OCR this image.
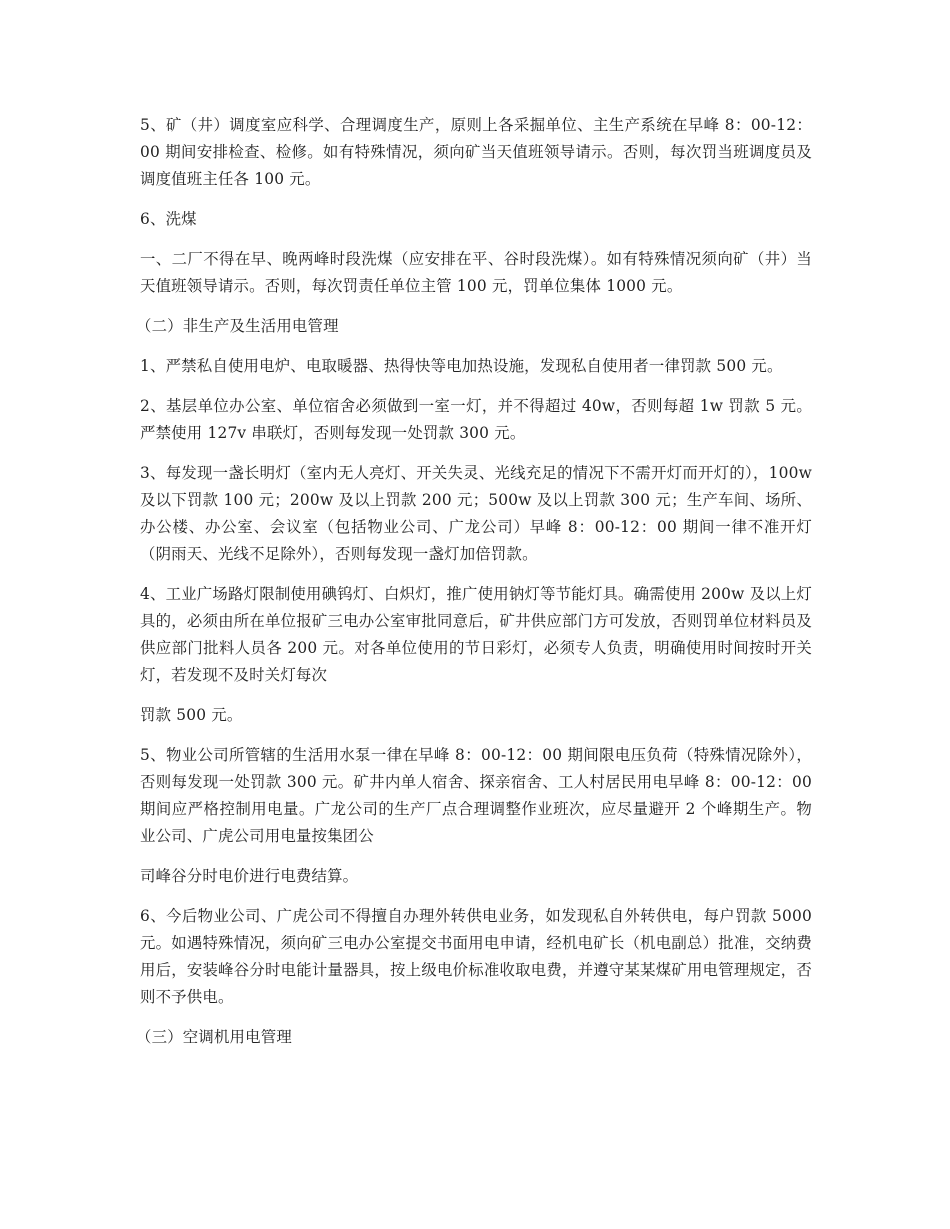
5、矿（井）调度室应科学、合理调度生产，原则上各采掘单位、主生产系统在早峰 8：00-12：00 期间安排检查、检修。如有特殊情况，须向矿当天值班领导请示。否则，每次罚当班调度员及调度值班主任各 100 元。

6、洗煤

一、二厂不得在早、晚两峰时段洗煤（应安排在平、谷时段洗煤）。如有特殊情况须向矿（井）当天值班领导请示。否则，每次罚责任单位主管 100 元，罚单位集体 1000 元。

（二）非生产及生活用电管理

1、严禁私自使用电炉、电取暖器、热得快等电加热设施，发现私自使用者一律罚款 500 元。

2、基层单位办公室、单位宿舍必须做到一室一灯，并不得超过 40w，否则每超 1w 罚款 5 元。严禁使用 127v 串联灯，否则每发现一处罚款 300 元。

3、每发现一盏长明灯（室内无人亮灯、开关失灵、光线充足的情况下不需开灯而开灯的），100w 及以下罚款 100 元；200w 及以上罚款 200 元；500w 及以上罚款 300 元；生产车间、场所、办公楼、办公室、会议室（包括物业公司、广龙公司）早峰 8：00-12：00 期间一律不准开灯（阴雨天、光线不足除外），否则每发现一盏灯加倍罚款。

4、工业广场路灯限制使用碘钨灯、白炽灯，推广使用钠灯等节能灯具。确需使用 200w 及以上灯具的，必须由所在单位报矿三电办公室审批同意后，矿井供应部门方可发放，否则罚单位材料员及供应部门批料人员各 200 元。对各单位使用的节日彩灯，必须专人负责，明确使用时间按时开关灯，若发现不及时关灯每次

罚款 500 元。

5、物业公司所管辖的生活用水泵一律在早峰 8：00-12：00 期间限电压负荷（特殊情况除外），否则每发现一处罚款 300 元。矿井内单人宿舍、探亲宿舍、工人村居民用电早峰 8：00-12：00 期间应严格控制用电量。广龙公司的生产厂点合理调整作业班次，应尽量避开 2 个峰期生产。物业公司、广虎公司用电量按集团公

司峰谷分时电价进行电费结算。

6、今后物业公司、广虎公司不得擅自办理外转供电业务，如发现私自外转供电，每户罚款 5000 元。如遇特殊情况，须向矿三电办公室提交书面用电申请，经机电矿长（机电副总）批准，交纳费用后，安装峰谷分时电能计量器具，按上级电价标准收取电费，并遵守某某煤矿用电管理规定，否则不予供电。

（三）空调机用电管理
